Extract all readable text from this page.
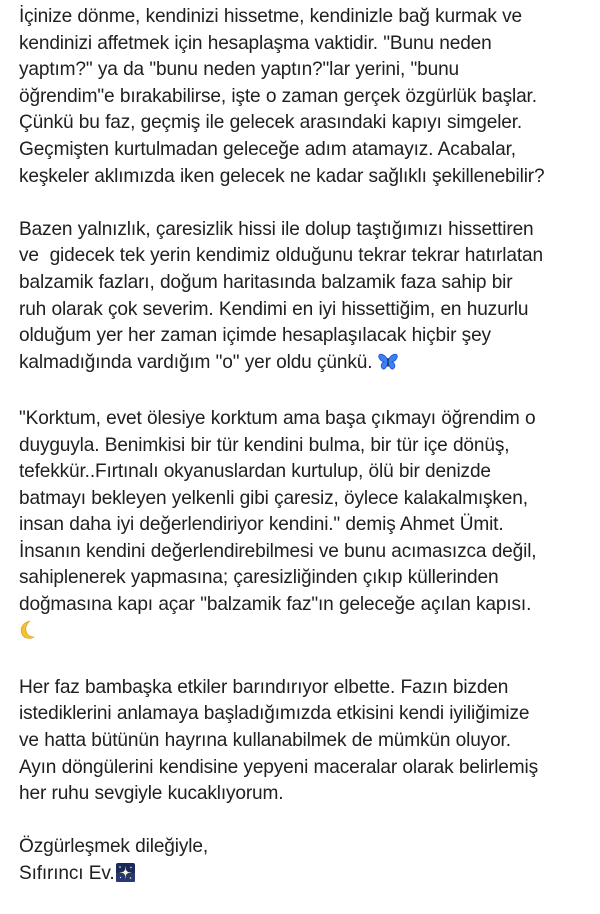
İçinize dönme, kendinizi hissetme, kendinizle bağ kurmak ve
kendinizi affetmek için hesaplaşma vaktidir. "Bunu neden
yaptım?" ya da "bunu neden yaptın?"lar yerini, "bunu
öğrendim"e bırakabilirse, işte o zaman gerçek özgürlük başlar.
Çünkü bu faz, geçmiş ile gelecek arasındaki kapıyı simgeler.
Geçmişten kurtulmadan geleceğe adım atamayız. Acabalar,
keşkeler aklımızda iken gelecek ne kadar sağlıklı şekillenebilir?
Bazen yalnızlık, çaresizlik hissi ile dolup taştığımızı hissettiren
ve  gidecek tek yerin kendimiz olduğunu tekrar tekrar hatırlatan
balzamik fazları, doğum haritasında balzamik faza sahip bir
ruh olarak çok severim. Kendimi en iyi hissettiğim, en huzurlu
olduğum yer her zaman içimde hesaplaşılacak hiçbir şey
kalmadığında vardığım "o" yer oldu çünkü.
"Korktum, evet ölesiye korktum ama başa çıkmayı öğrendim o
duyguyla. Benimkisi bir tür kendini bulma, bir tür içe dönüş,
tefekkür..Fırtınalı okyanuslardan kurtulup, ölü bir denizde
batmayı bekleyen yelkenli gibi çaresiz, öylece kalakalmışken,
insan daha iyi değerlendiriyor kendini." demiş Ahmet Ümit.
İnsanın kendini değerlendirebilmesi ve bunu acımasızca değil,
sahiplenerek yapmasına; çaresizliğinden çıkıp küllerinden
doğmasına kapı açar "balzamik faz"ın geleceğe açılan kapısı.
Her faz bambaşka etkiler barındırıyor elbette. Fazın bizden
istediklerini anlamaya başladığımızda etkisini kendi iyiliğimize
ve hatta bütünün hayrına kullanabilmek de mümkün oluyor.
Ayın döngülerini kendisine yepyeni maceralar olarak belirlemiş
her ruhu sevgiyle kucaklıyorum.
Özgürleşmek dileğiyle,
Sıfırıncı Ev.
